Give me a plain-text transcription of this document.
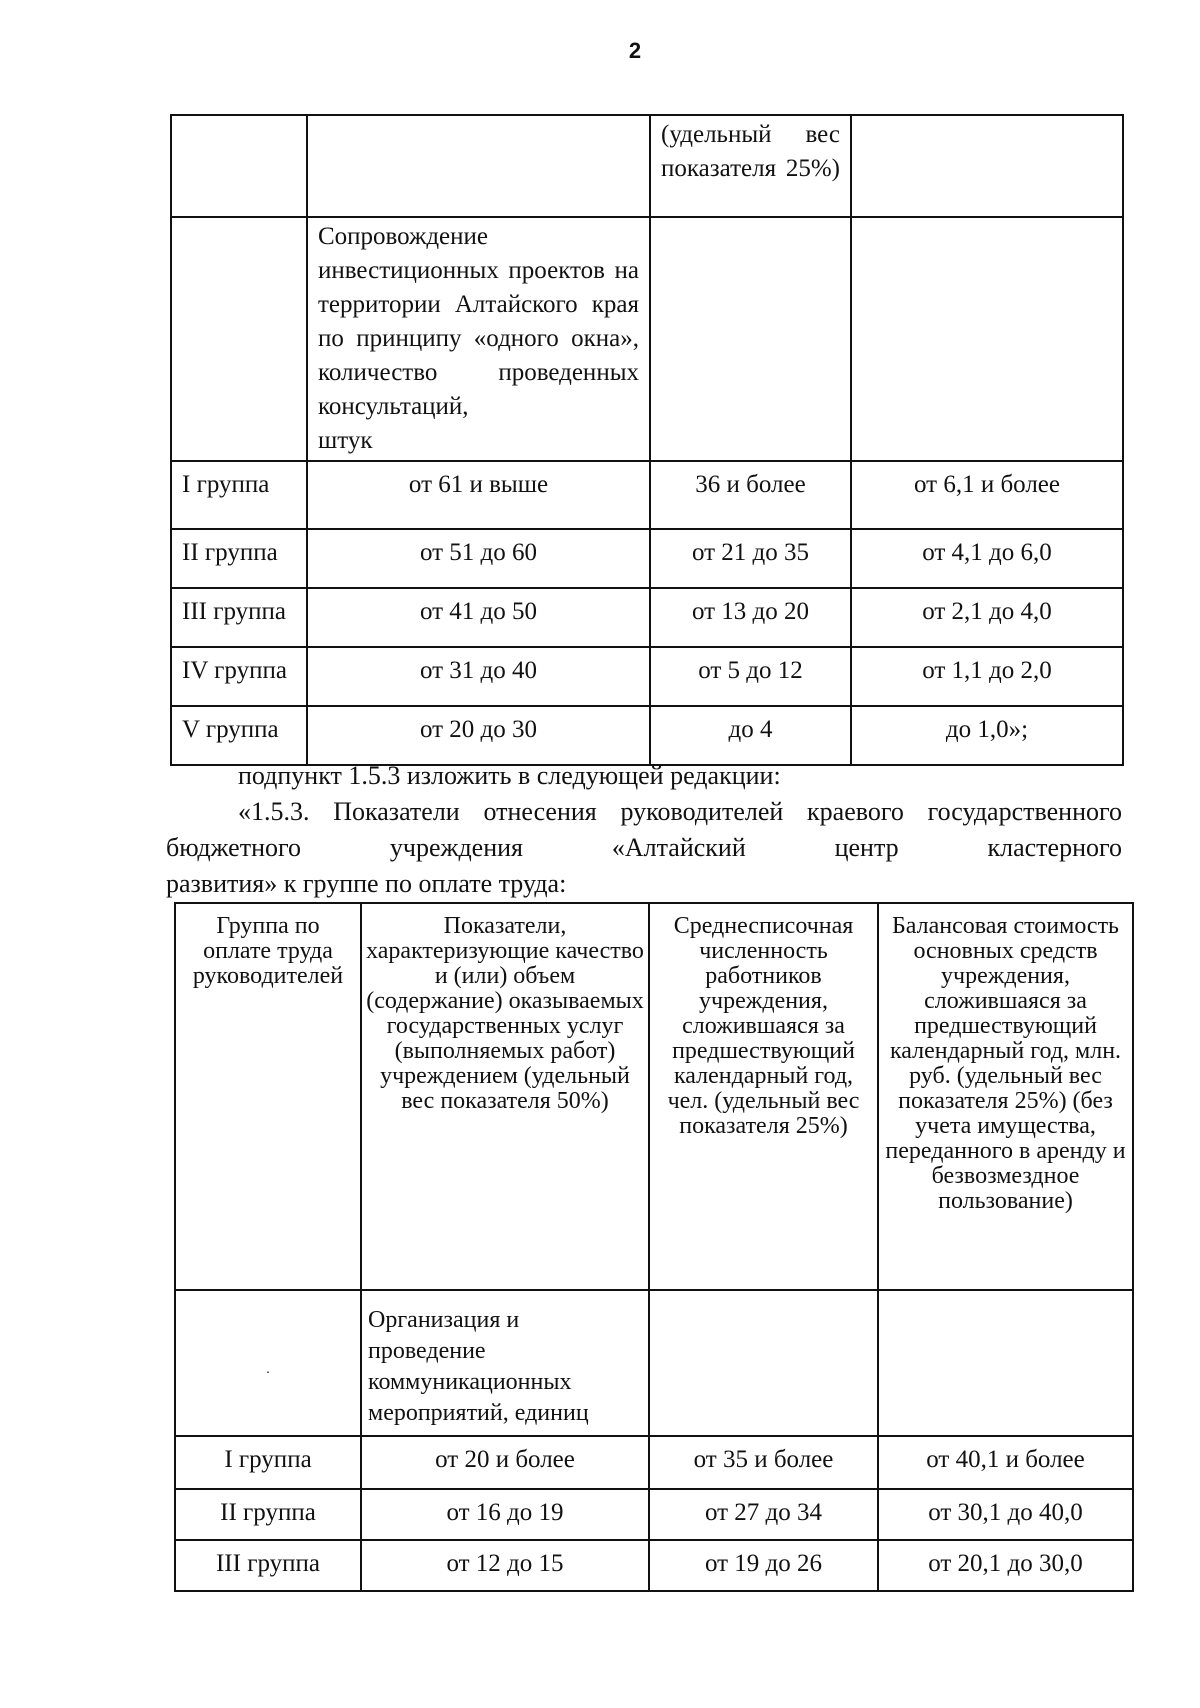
2
		(удельный вес показателя 25%)	
	Сопровождение инвестиционных проектов на территории Алтайского края по принципу «одного окна», количество проведенных консультаций,
штук		

I группа	от 61 и выше	36 и более	от 6,1 и более
II группа	от 51 до 60	от 21 до 35	от 4,1 до 6,0
III группа	от 41 до 50	от 13 до 20	от 2,1 до 4,0
IV группа	от 31 до 40	от 5 до 12	от 1,1 до 2,0
V группа	от 20 до 30	до 4	до 1,0»;
подпункт 1.5.3 изложить в следующей редакции:
«1.5.3. Показатели отнесения руководителей краевого государственного бюджетного учреждения «Алтайский центр кластерного
развития» к группе по оплате труда:
Группа по оплате труда руководителей	Показатели, характеризующие качество и (или) объем (содержание) оказываемых государственных услуг (выполняемых работ) учреждением (удельный вес показателя 50%)	Среднесписочная численность работников учреждения, сложившаяся за предшествующий календарный год, чел. (удельный вес показателя 25%)	Балансовая стоимость основных средств учреждения, сложившаяся за предшествующий календарный год, млн. руб. (удельный вес показателя 25%) (без учета имущества, переданного в аренду и безвозмездное пользование)

·	Организация и проведение коммуникационных мероприятий, единиц		
I группа	от 20 и более	от 35 и более	от 40,1 и более
II группа	от 16 до 19	от 27 до 34	от 30,1 до 40,0
III группа	от 12 до 15	от 19 до 26	от 20,1 до 30,0
